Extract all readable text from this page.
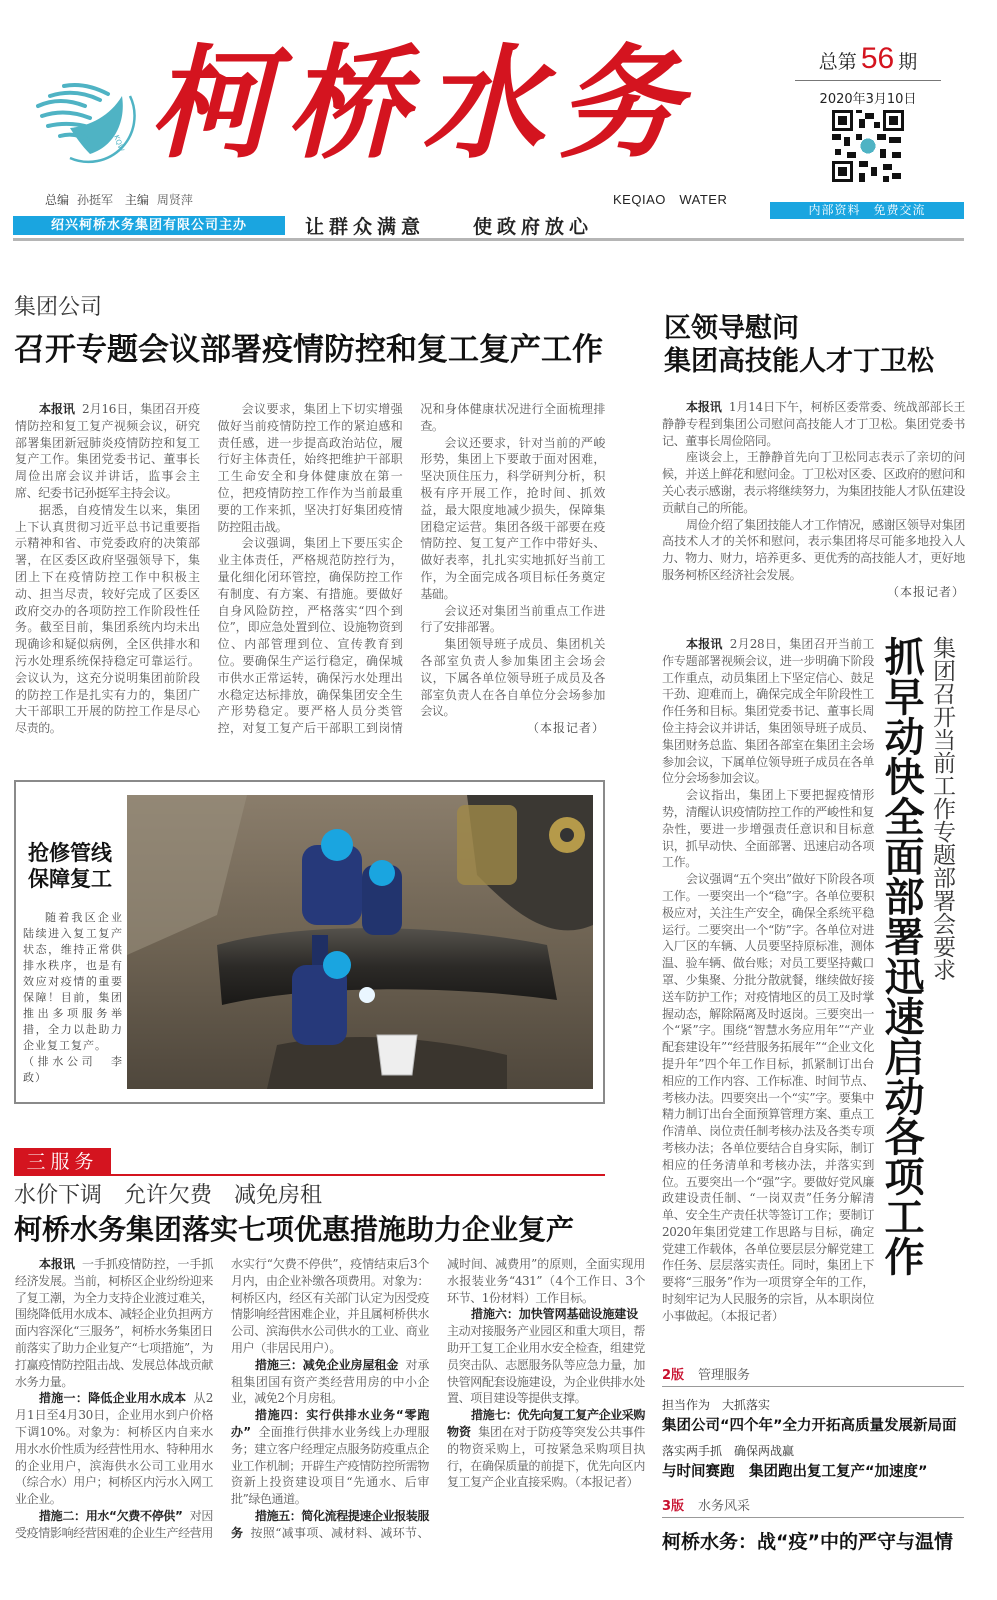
KQW 柯桥水务	总第 56 期
2020年3月10日
总编 孙挺军 主编 周贤萍	KEQIAO　WATER
绍兴柯桥水务集团有限公司主办	让群众满意	使政府放心
内部资料　免费交流
集团公司
召开专题会议部署疫情防控和复工复产工作

本报讯 2月16日，集团召开疫情防控和复工复产视频会议，研究部署集团新冠肺炎疫情防控和复工复产工作。集团党委书记、董事长周俭出席会议并讲话，监事会主席、纪委书记孙挺军主持会议。

据悉，自疫情发生以来，集团上下认真贯彻习近平总书记重要指示精神和省、市党委政府的决策部署，在区委区政府坚强领导下，集团上下在疫情防控工作中积极主动、担当尽责，较好完成了区委区政府交办的各项防控工作阶段性任务。截至目前，集团系统内均未出现确诊和疑似病例，全区供排水和污水处理系统保持稳定可靠运行。会议认为，这充分说明集团前阶段的防控工作是扎实有力的，集团广大干部职工开展的防控工作是尽心尽责的。

会议要求，集团上下切实增强做好当前疫情防控工作的紧迫感和责任感，进一步提高政治站位，履行好主体责任，始终把维护干部职工生命安全和身体健康放在第一位，把疫情防控工作作为当前最重要的工作来抓，坚决打好集团疫情防控阻击战。

会议强调，集团上下要压实企业主体责任，严格规范防控行为，量化细化闭环管控，确保防控工作有制度、有方案、有措施。要做好自身风险防控，严格落实“四个到位”，即应急处置到位、设施物资到位、内部管理到位、宣传教育到位。要确保生产运行稳定，确保城市供水正常运转，确保污水处理出水稳定达标排放，确保集团安全生产形势稳定。要严格人员分类管控，对复工复产后干部职工到岗情况和身体健康状况进行全面梳理排查。

会议还要求，针对当前的严峻形势，集团上下要敢于面对困难，坚决顶住压力，科学研判分析，积极有序开展工作，抢时间、抓效益，最大限度地减少损失，保障集团稳定运营。集团各级干部要在疫情防控、复工复产工作中带好头、做好表率，扎扎实实地抓好当前工作，为全面完成各项目标任务奠定基础。

会议还对集团当前重点工作进行了安排部署。

集团领导班子成员、集团机关各部室负责人参加集团主会场会议，下属各单位领导班子成员及各部室负责人在各自单位分会场参加会议。

（本报记者）

区领导慰问
集团高技能人才丁卫松

本报讯 1月14日下午，柯桥区委常委、统战部部长王静静专程到集团公司慰问高技能人才丁卫松。集团党委书记、董事长周俭陪同。

座谈会上，王静静首先向丁卫松同志表示了亲切的问候，并送上鲜花和慰问金。丁卫松对区委、区政府的慰问和关心表示感谢，表示将继续努力，为集团技能人才队伍建设贡献自己的所能。

周俭介绍了集团技能人才工作情况，感谢区领导对集团高技术人才的关怀和慰问，表示集团将尽可能多地投入人力、物力、财力，培养更多、更优秀的高技能人才，更好地服务柯桥区经济社会发展。

（本报记者）

本报讯 2月28日，集团召开当前工作专题部署视频会议，进一步明确下阶段工作重点，动员集团上下坚定信心、鼓足干劲、迎难而上，确保完成全年阶段性工作任务和目标。集团党委书记、董事长周俭主持会议并讲话，集团领导班子成员、集团财务总监、集团各部室在集团主会场参加会议，下属单位领导班子成员在各单位分会场参加会议。

会议指出，集团上下要把握疫情形势，清醒认识疫情防控工作的严峻性和复杂性，要进一步增强责任意识和目标意识，抓早动快、全面部署、迅速启动各项工作。

会议强调“五个突出”做好下阶段各项工作。一要突出一个“稳”字。各单位要积极应对，关注生产安全，确保全系统平稳运行。二要突出一个“防”字。各单位对进入厂区的车辆、人员要坚持原标准，测体温、验车辆、做台账；对员工要坚持戴口罩、少集聚、分批分散就餐，继续做好接送车防护工作；对疫情地区的员工及时掌握动态，解除隔离及时返岗。三要突出一个“紧”字。围绕“智慧水务应用年”“产业配套建设年”“经营服务拓展年”“企业文化提升年”四个年工作目标，抓紧制订出台相应的工作内容、工作标准、时间节点、考核办法。四要突出一个“实”字。要集中精力制订出台全面预算管理方案、重点工作清单、岗位责任制考核办法及各类专项考核办法；各单位要结合自身实际，制订相应的任务清单和考核办法，并落实到位。五要突出一个“强”字。要做好党风廉政建设责任制、“一岗双责”任务分解清单、安全生产责任状等签订工作；要制订2020年集团党建工作思路与目标，确定党建工作载体，各单位要层层分解党建工作任务、层层落实责任。同时，集团上下要将“三服务”作为一项贯穿全年的工作，时刻牢记为人民服务的宗旨，从本职岗位小事做起。（本报记者）

抓早动快全面部署迅速启动各项工作 集团召开当前工作专题部署会要求
抢修管线
保障复工

随着我区企业陆续进入复工复产状态，维持正常供排水秩序，也是有效应对疫情的重要保障！目前，集团推出多项服务举措，全力以赴助力企业复工复产。

（排水公司　李政）
三服务
水价下调　允许欠费　减免房租
柯桥水务集团落实七项优惠措施助力企业复产

本报讯 一手抓疫情防控，一手抓经济发展。当前，柯桥区企业纷纷迎来了复工潮，为全力支持企业渡过难关，围绕降低用水成本、减轻企业负担两方面内容深化“三服务”，柯桥水务集团日前落实了助力企业复产“七项措施”，为打赢疫情防控阻击战、发展总体战贡献水务力量。

措施一：降低企业用水成本 从2月1日至4月30日，企业用水到户价格下调10%。对象为：柯桥区内自来水用水水价性质为经营性用水、特种用水的企业用户，滨海供水公司工业用水（综合水）用户；柯桥区内污水入网工业企业。

措施二：用水“欠费不停供” 对因受疫情影响经营困难的企业生产经营用水实行“欠费不停供”，疫情结束后3个月内，由企业补缴各项费用。对象为：柯桥区内，经区有关部门认定为因受疫情影响经营困难企业，并且属柯桥供水公司、滨海供水公司供水的工业、商业用户（非居民用户）。

措施三：减免企业房屋租金 对承租集团国有资产类经营用房的中小企业，减免2个月房租。

措施四：实行供排水业务“零跑办” 全面推行供排水业务线上办理服务；建立客户经理定点服务防疫重点企业工作机制；开辟生产疫情防控所需物资新上投资建设项目“先通水、后审批”绿色通道。

措施五：简化流程提速企业报装服务 按照“减事项、减材料、减环节、减时间、减费用”的原则，全面实现用水报装业务“431”（4个工作日、3个环节、1份材料）工作目标。

措施六：加快管网基础设施建设主动对接服务产业园区和重大项目，帮助开工复工企业用水安全检查，组建党员突击队、志愿服务队等应急力量，加快管网配套设施建设，为企业供排水处置、项目建设等提供支撑。

措施七：优先向复工复产企业采购物资 集团在对于防疫等突发公共事件的物资采购上，可按紧急采购项目执行，在确保质量的前提下，优先向区内复工复产企业直接采购。（本报记者）

2版 管理服务
担当作为　大抓落实
集团公司“四个年”全力开拓高质量发展新局面
落实两手抓　确保两战赢
与时间赛跑　集团跑出复工复产“加速度”
3版 水务风采
柯桥水务：战“疫”中的严守与温情
